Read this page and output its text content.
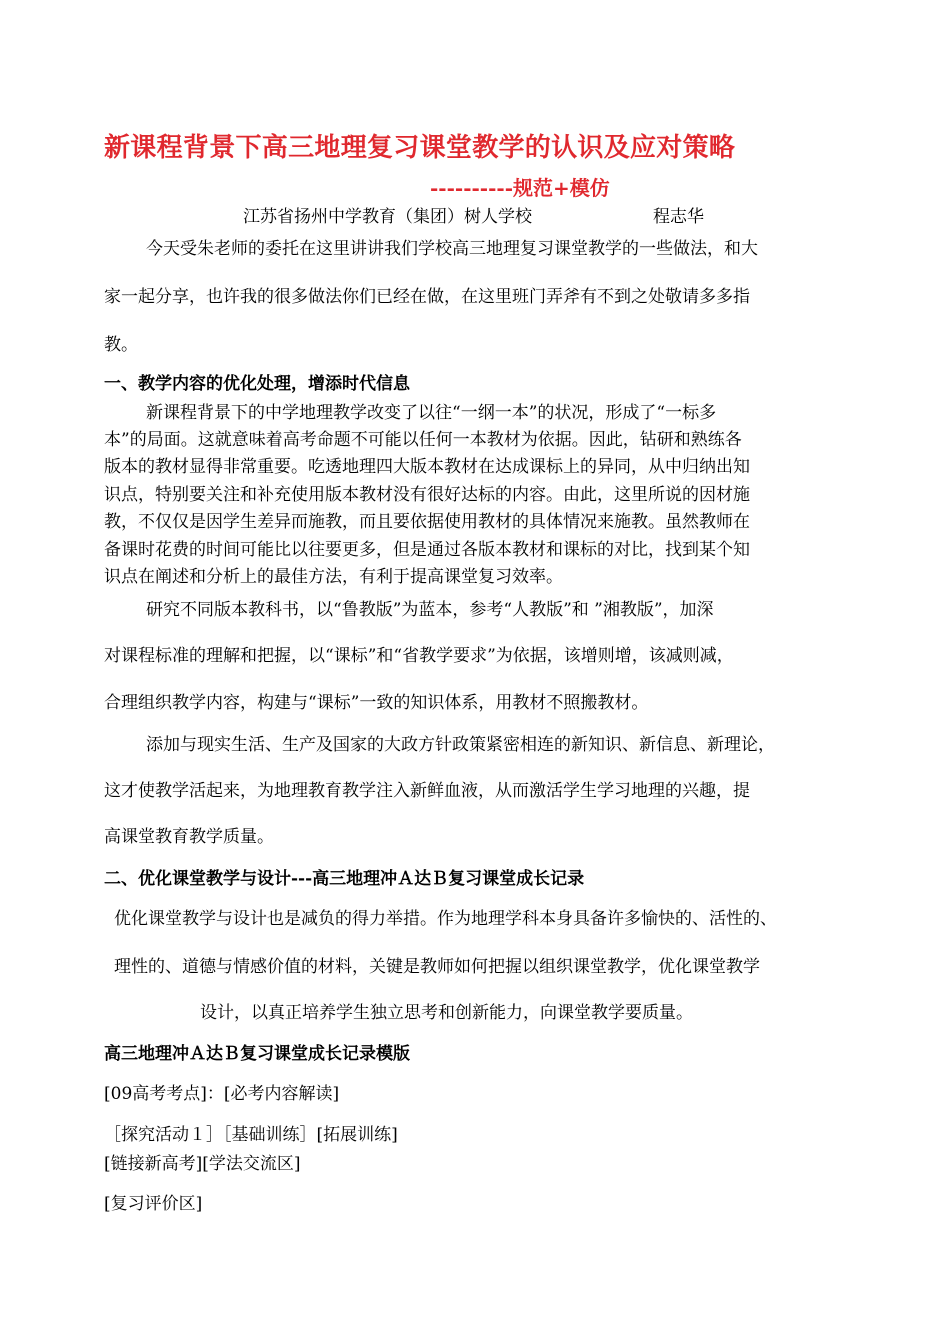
新课程背景下高三地理复习课堂教学的认识及应对策略
----------规范+模仿
江苏省扬州中学教育（集团）树人学校	程志华
今天受朱老师的委托在这里讲讲我们学校高三地理复习课堂教学的一些做法，和大
家一起分享，也许我的很多做法你们已经在做，在这里班门弄斧有不到之处敬请多多指
教。
一、教学内容的优化处理，增添时代信息
新课程背景下的中学地理教学改变了以往“一纲一本”的状况，形成了“一标多
本”的局面。这就意味着高考命题不可能以任何一本教材为依据。因此，钻研和熟练各
版本的教材显得非常重要。吃透地理四大版本教材在达成课标上的异同，从中归纳出知
识点，特别要关注和补充使用版本教材没有很好达标的内容。由此，这里所说的因材施
教，不仅仅是因学生差异而施教，而且要依据使用教材的具体情况来施教。虽然教师在
备课时花费的时间可能比以往要更多，但是通过各版本教材和课标的对比，找到某个知
识点在阐述和分析上的最佳方法，有利于提高课堂复习效率。
研究不同版本教科书，以“鲁教版”为蓝本，参考“人教版”和 ”湘教版”，加深
对课程标准的理解和把握，以“课标”和“省教学要求”为依据，该增则增，该减则减，
合理组织教学内容，构建与“课标”一致的知识体系，用教材不照搬教材。
添加与现实生活、生产及国家的大政方针政策紧密相连的新知识、新信息、新理论，
这才使教学活起来，为地理教育教学注入新鲜血液，从而激活学生学习地理的兴趣，提
高课堂教育教学质量。
二、优化课堂教学与设计---高三地理冲Ａ达Ｂ复习课堂成长记录
优化课堂教学与设计也是减负的得力举措。作为地理学科本身具备许多愉快的、活性的、
理性的、道德与情感价值的材料，关键是教师如何把握以组织课堂教学，优化课堂教学
设计，以真正培养学生独立思考和创新能力，向课堂教学要质量。
高三地理冲Ａ达Ｂ复习课堂成长记录模版
[09高考考点]：[必考内容解读]
［探究活动１］［基础训练］[拓展训练]
[链接新高考][学法交流区]
[复习评价区]
